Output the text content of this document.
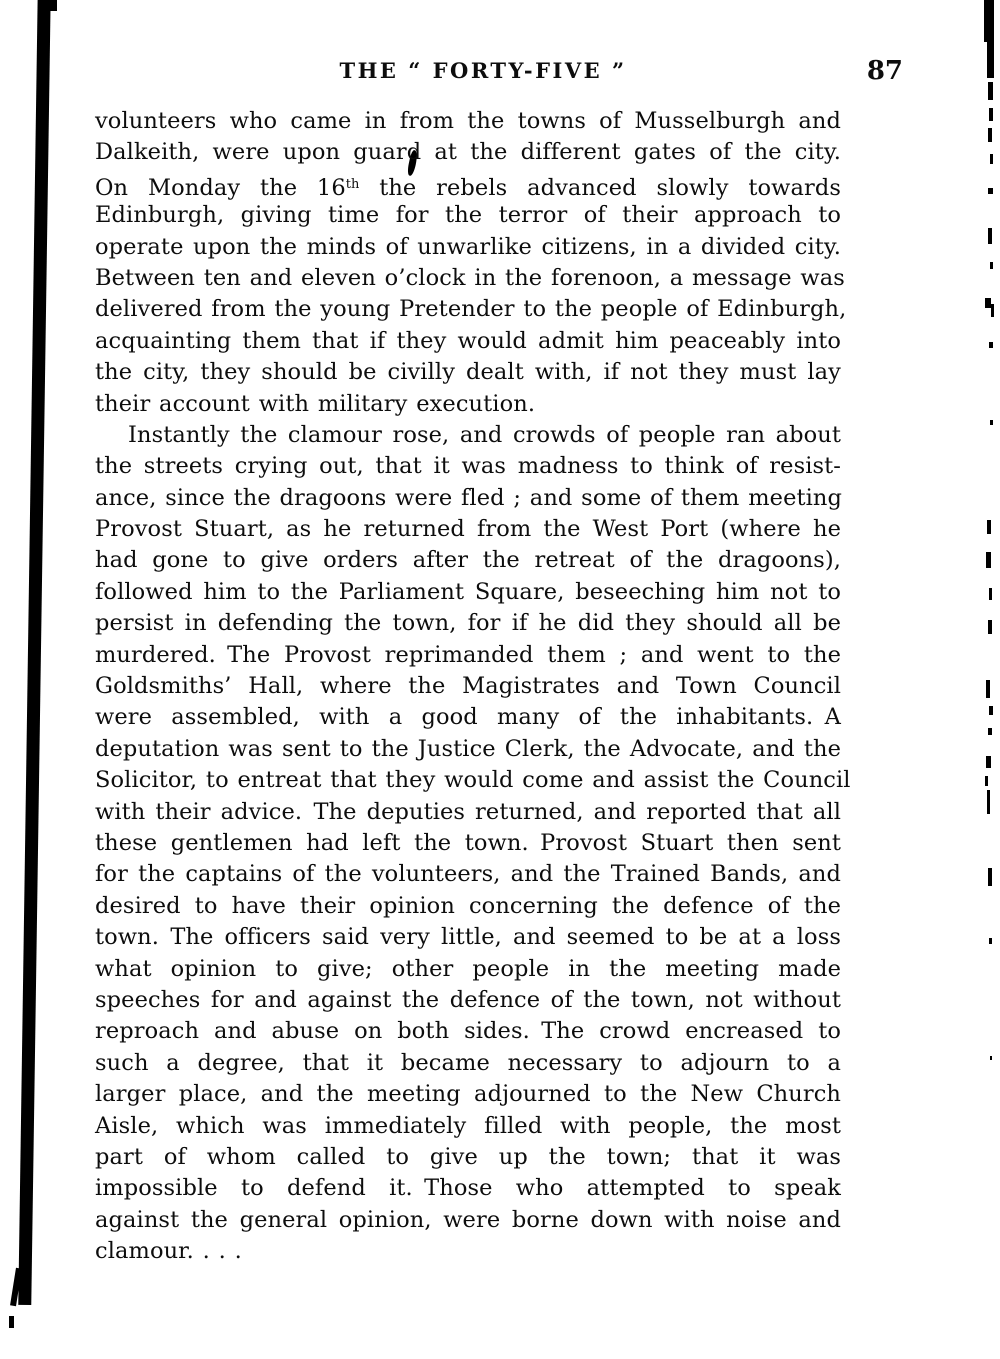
THE “ FORTY-FIVE ”	87
volunteers who came in from the towns of Musselburgh and
Dalkeith, were upon guard at the different gates of the city.
On Monday the 16th the rebels advanced slowly towards
Edinburgh, giving time for the terror of their approach to
operate upon the minds of unwarlike citizens, in a divided city.
Between ten and eleven o’clock in the forenoon, a message was
delivered from the young Pretender to the people of Edinburgh,
acquainting them that if they would admit him peaceably into
the city, they should be civilly dealt with, if not they must lay
their account with military execution.
Instantly the clamour rose, and crowds of people ran about
the streets crying out, that it was madness to think of resist-
ance, since the dragoons were fled ; and some of them meeting
Provost Stuart, as he returned from the West Port (where he
had gone to give orders after the retreat of the dragoons),
followed him to the Parliament Square, beseeching him not to
persist in defending the town, for if he did they should all be
murdered. The Provost reprimanded them ; and went to the
Goldsmiths’ Hall, where the Magistrates and Town Council
were assembled, with a good many of the inhabitants. A
deputation was sent to the Justice Clerk, the Advocate, and the
Solicitor, to entreat that they would come and assist the Council
with their advice. The deputies returned, and reported that all
these gentlemen had left the town. Provost Stuart then sent
for the captains of the volunteers, and the Trained Bands, and
desired to have their opinion concerning the defence of the
town. The officers said very little, and seemed to be at a loss
what opinion to give; other people in the meeting made
speeches for and against the defence of the town, not without
reproach and abuse on both sides. The crowd encreased to
such a degree, that it became necessary to adjourn to a
larger place, and the meeting adjourned to the New Church
Aisle, which was immediately filled with people, the most
part of whom called to give up the town; that it was
impossible to defend it. Those who attempted to speak
against the general opinion, were borne down with noise and
clamour. . . .
